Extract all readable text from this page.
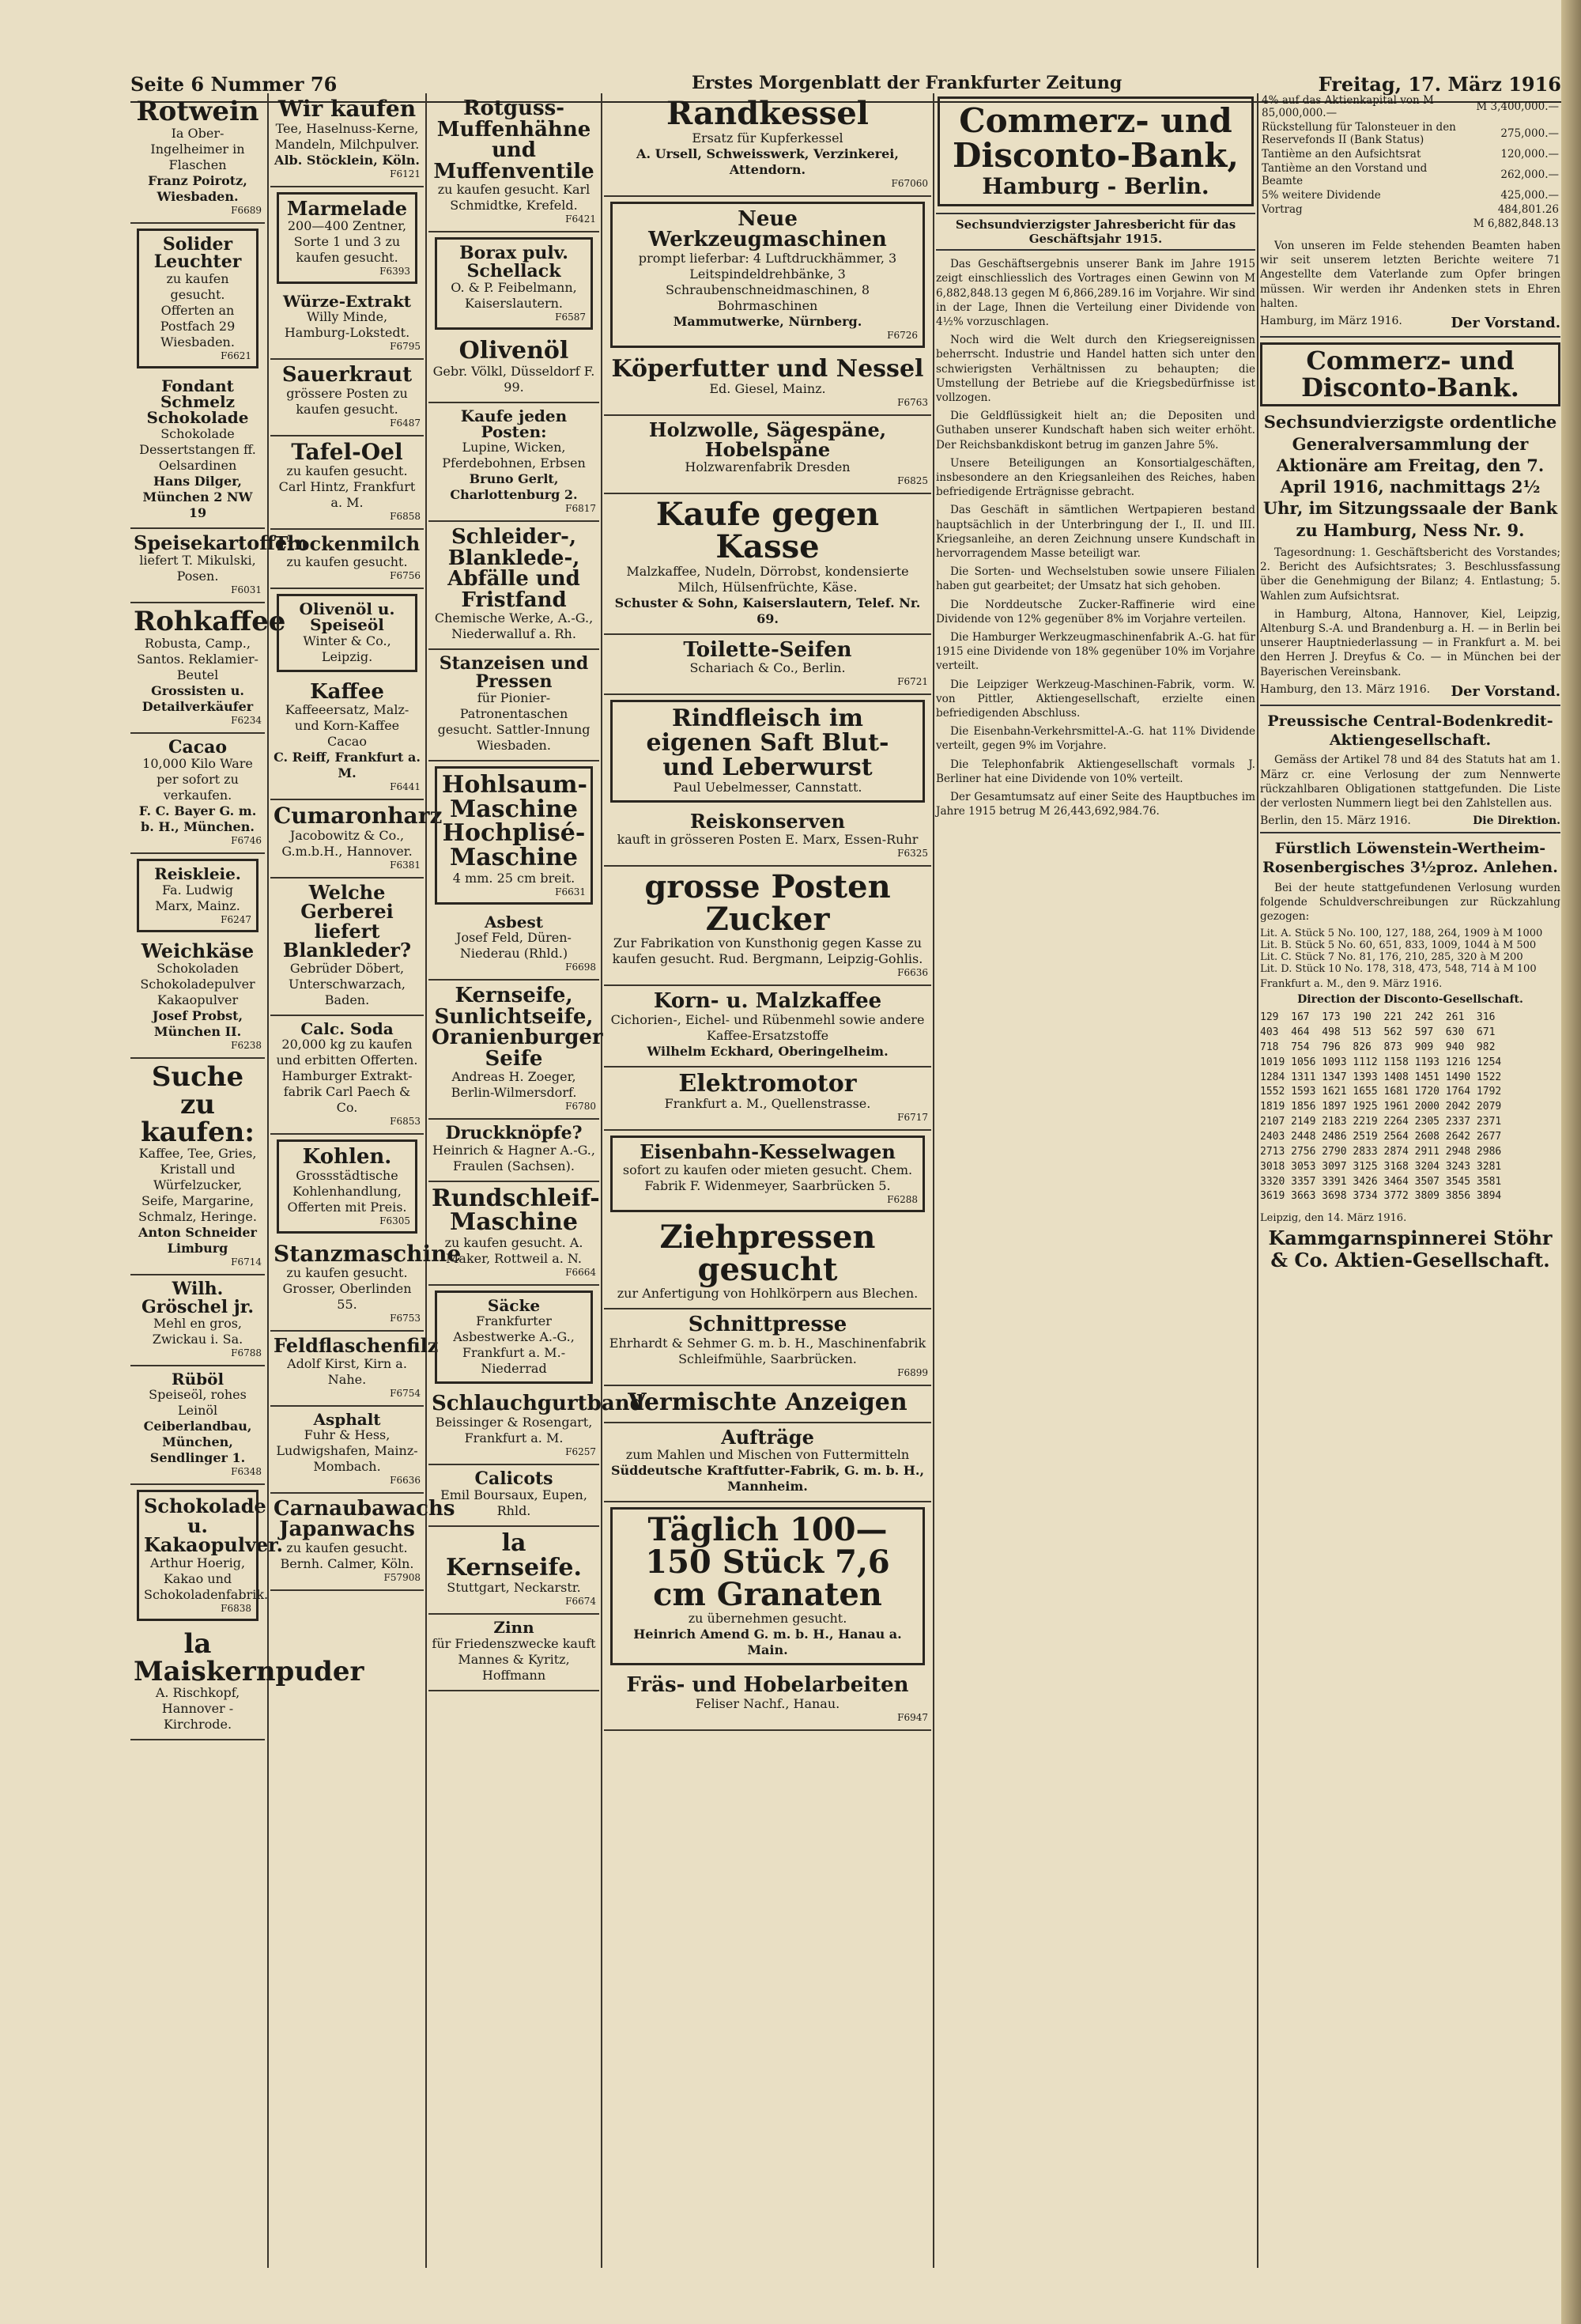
Seite 6 Nummer 76	Erstes Morgenblatt der Frankfurter Zeitung	Freitag, 17. März 1916
Rotwein
Ia Ober-Ingelheimer in Flaschen
Franz Poirotz, Wiesbaden.
F6689
Solider Leuchter
zu kaufen gesucht. Offerten an Postfach 29 Wiesbaden.
F6621
Fondant Schmelz Schokolade
Schokolade Dessertstangen ff. Oelsardinen
Hans Dilger, München 2 NW 19
Speisekartoffeln
liefert T. Mikulski, Posen.
F6031
Rohkaffee
Robusta, Camp., Santos. Reklamier-Beutel
Grossisten u. Detailverkäufer
F6234
Cacao
10,000 Kilo Ware per sofort zu verkaufen.
F. C. Bayer G. m. b. H., München.
F6746
Reiskleie.
Fa. Ludwig Marx, Mainz.
F6247
Weichkäse
Schokoladen Schokoladepulver Kakaopulver
Josef Probst, München II.
F6238
Suche zu kaufen:
Kaffee, Tee, Gries, Kristall und Würfelzucker, Seife, Margarine, Schmalz, Heringe.
Anton Schneider Limburg
F6714
Wilh. Gröschel jr.
Mehl en gros, Zwickau i. Sa.
F6788
Rüböl
Speiseöl, rohes Leinöl
Ceiberlandbau, München, Sendlinger 1.
F6348
Schokolade u. Kakaopulver.
Arthur Hoerig, Kakao und Schokoladenfabrik.
F6838
la Maiskernpuder
A. Rischkopf, Hannover - Kirchrode.
Wir kaufen
Tee, Haselnuss-Kerne, Mandeln, Milchpulver.
Alb. Stöcklein, Köln.
F6121
Marmelade
200—400 Zentner, Sorte 1 und 3 zu kaufen gesucht.
F6393
Würze-Extrakt
Willy Minde, Hamburg-Lokstedt.
F6795
Sauerkraut
grössere Posten zu kaufen gesucht.
F6487
Tafel-Oel
zu kaufen gesucht. Carl Hintz, Frankfurt a. M.
F6858
Trockenmilch
zu kaufen gesucht.
F6756
Olivenöl u. Speiseöl
Winter & Co., Leipzig.
Kaffee
Kaffeeersatz, Malz- und Korn-Kaffee Cacao
C. Reiff, Frankfurt a. M.
F6441
Cumaronharz
Jacobowitz & Co., G.m.b.H., Hannover.
F6381
Welche Gerberei liefert Blankleder?
Gebrüder Döbert, Unterschwarzach, Baden.
Calc. Soda
20,000 kg zu kaufen und erbitten Offerten. Hamburger Extrakt-fabrik Carl Paech & Co.
F6853
Kohlen.
Grossstädtische Kohlenhandlung, Offerten mit Preis.
F6305
Stanzmaschine
zu kaufen gesucht. Grosser, Oberlinden 55.
F6753
Feldflaschenfilz
Adolf Kirst, Kirn a. Nahe.
F6754
Asphalt
Fuhr & Hess, Ludwigshafen, Mainz-Mombach.
F6636
Carnaubawachs Japanwachs
zu kaufen gesucht. Bernh. Calmer, Köln.
F57908
Rotguss-Muffenhähne und Muffenventile
zu kaufen gesucht. Karl Schmidtke, Krefeld.
F6421
Borax pulv. Schellack
O. & P. Feibelmann, Kaiserslautern.
F6587
Olivenöl
Gebr. Völkl, Düsseldorf F. 99.
Kaufe jeden Posten:
Lupine, Wicken, Pferdebohnen, Erbsen
Bruno Gerlt, Charlottenburg 2.
F6817
Schleider-, Blanklede-, Abfälle und Fristfand
Chemische Werke, A.-G., Niederwalluf a. Rh.
Stanzeisen und Pressen
für Pionier-Patronentaschen gesucht. Sattler-Innung Wiesbaden.
Hohlsaum-Maschine Hochplisé-Maschine
4 mm. 25 cm breit.
F6631
Asbest
Josef Feld, Düren-Niederau (Rhld.)
F6698
Kernseife, Sunlichtseife, Oranienburger Seife
Andreas H. Zoeger, Berlin-Wilmersdorf.
F6780
Druckknöpfe?
Heinrich & Hagner A.-G., Fraulen (Sachsen).
Rundschleif-Maschine
zu kaufen gesucht. A. Maker, Rottweil a. N.
F6664
Säcke
Frankfurter Asbestwerke A.-G., Frankfurt a. M.-Niederrad
Schlauchgurtband
Beissinger & Rosengart, Frankfurt a. M.
F6257
Calicots
Emil Boursaux, Eupen, Rhld.
la Kernseife.
Stuttgart, Neckarstr.
F6674
Zinn
für Friedenszwecke kauft Mannes & Kyritz, Hoffmann
Randkessel
Ersatz für Kupferkessel
A. Ursell, Schweisswerk, Verzinkerei, Attendorn.
F67060
Neue Werkzeugmaschinen
prompt lieferbar: 4 Luftdruckhämmer, 3 Leitspindeldrehbänke, 3 Schraubenschneidmaschinen, 8 Bohrmaschinen
Mammutwerke, Nürnberg.
F6726
Köperfutter und Nessel
Ed. Giesel, Mainz.
F6763
Holzwolle, Sägespäne, Hobelspäne
Holzwarenfabrik Dresden
F6825
Kaufe gegen Kasse
Malzkaffee, Nudeln, Dörrobst, kondensierte Milch, Hülsenfrüchte, Käse.
Schuster & Sohn, Kaiserslautern, Telef. Nr. 69.
Toilette-Seifen
Schariach & Co., Berlin.
F6721
Rindfleisch im eigenen Saft Blut- und Leberwurst
Paul Uebelmesser, Cannstatt.
Reiskonserven
kauft in grösseren Posten E. Marx, Essen-Ruhr
F6325
grosse Posten Zucker
Zur Fabrikation von Kunsthonig gegen Kasse zu kaufen gesucht. Rud. Bergmann, Leipzig-Gohlis.
F6636
Korn- u. Malzkaffee
Cichorien-, Eichel- und Rübenmehl sowie andere Kaffee-Ersatzstoffe
Wilhelm Eckhard, Oberingelheim.
Elektromotor
Frankfurt a. M., Quellenstrasse.
F6717
Eisenbahn-Kesselwagen
sofort zu kaufen oder mieten gesucht. Chem. Fabrik F. Widenmeyer, Saarbrücken 5.
F6288
Ziehpressen gesucht
zur Anfertigung von Hohlkörpern aus Blechen.
Schnittpresse
Ehrhardt & Sehmer G. m. b. H., Maschinenfabrik Schleifmühle, Saarbrücken.
F6899
Vermischte Anzeigen
Aufträge
zum Mahlen und Mischen von Futtermitteln
Süddeutsche Kraftfutter-Fabrik, G. m. b. H., Mannheim.
Täglich 100—150 Stück 7,6 cm Granaten
zu übernehmen gesucht.
Heinrich Amend G. m. b. H., Hanau a. Main.
Fräs- und Hobelarbeiten
Feliser Nachf., Hanau.
F6947
Commerz- und Disconto-Bank,
Hamburg - Berlin.
Sechsundvierzigster Jahresbericht für das Geschäftsjahr 1915.

Das Geschäftsergebnis unserer Bank im Jahre 1915 zeigt einschliesslich des Vortrages einen Gewinn von M 6,882,848.13 gegen M 6,866,289.16 im Vorjahre. Wir sind in der Lage, Ihnen die Verteilung einer Dividende von 4½% vorzuschlagen.

Noch wird die Welt durch den Kriegsereignissen beherrscht. Industrie und Handel hatten sich unter den schwierigsten Verhältnissen zu behaupten; die Umstellung der Betriebe auf die Kriegsbedürfnisse ist vollzogen.

Die Geldflüssigkeit hielt an; die Depositen und Guthaben unserer Kundschaft haben sich weiter erhöht. Der Reichsbankdiskont betrug im ganzen Jahre 5%.

Unsere Beteiligungen an Konsortialgeschäften, insbesondere an den Kriegsanleihen des Reiches, haben befriedigende Erträgnisse gebracht.

Das Geschäft in sämtlichen Wertpapieren bestand hauptsächlich in der Unterbringung der I., II. und III. Kriegsanleihe, an deren Zeichnung unsere Kundschaft in hervorragendem Masse beteiligt war.

Die Sorten- und Wechselstuben sowie unsere Filialen haben gut gearbeitet; der Umsatz hat sich gehoben.

Die Norddeutsche Zucker-Raffinerie wird eine Dividende von 12% gegenüber 8% im Vorjahre verteilen.

Die Hamburger Werkzeugmaschinenfabrik A.-G. hat für 1915 eine Dividende von 18% gegenüber 10% im Vorjahre verteilt.

Die Leipziger Werkzeug-Maschinen-Fabrik, vorm. W. von Pittler, Aktiengesellschaft, erzielte einen befriedigenden Abschluss.

Die Eisenbahn-Verkehrsmittel-A.-G. hat 11% Dividende verteilt, gegen 9% im Vorjahre.

Die Telephonfabrik Aktiengesellschaft vormals J. Berliner hat eine Dividende von 10% verteilt.

Der Gesamtumsatz auf einer Seite des Hauptbuches im Jahre 1915 betrug M 26,443,692,984.76.

4% auf das Aktienkapital von M 85,000,000.—	M 3,400,000.—
Rückstellung für Talonsteuer in den Reservefonds II (Bank Status)	275,000.—
Tantième an den Aufsichtsrat	120,000.—
Tantième an den Vorstand und Beamte	262,000.—
5% weitere Dividende	425,000.—
Vortrag	484,801.26
	M 6,882,848.13

Von unseren im Felde stehenden Beamten haben wir seit unserem letzten Berichte weitere 71 Angestellte dem Vaterlande zum Opfer bringen müssen. Wir werden ihr Andenken stets in Ehren halten.

Hamburg, im März 1916.	Der Vorstand.
Commerz- und Disconto-Bank.
Sechsundvierzigste ordentliche Generalversammlung der Aktionäre am Freitag, den 7. April 1916, nachmittags 2½ Uhr, im Sitzungssaale der Bank zu Hamburg, Ness Nr. 9.

Tagesordnung: 1. Geschäftsbericht des Vorstandes; 2. Bericht des Aufsichtsrates; 3. Beschlussfassung über die Genehmigung der Bilanz; 4. Entlastung; 5. Wahlen zum Aufsichtsrat.

in Hamburg, Altona, Hannover, Kiel, Leipzig, Altenburg S.-A. und Brandenburg a. H. — in Berlin bei unserer Hauptniederlassung — in Frankfurt a. M. bei den Herren J. Dreyfus & Co. — in München bei der Bayerischen Vereinsbank.

Hamburg, den 13. März 1916. Der Vorstand.
Preussische Central-Bodenkredit-Aktiengesellschaft.

Gemäss der Artikel 78 und 84 des Statuts hat am 1. März cr. eine Verlosung der zum Nennwerte rückzahlbaren Obligationen stattgefunden. Die Liste der verlosten Nummern liegt bei den Zahlstellen aus.

Berlin, den 15. März 1916.	Die Direktion.
Fürstlich Löwenstein-Wertheim-Rosenbergisches 3½proz. Anlehen.

Bei der heute stattgefundenen Verlosung wurden folgende Schuldverschreibungen zur Rückzahlung gezogen:

Lit. A. Stück 5 No. 100, 127, 188, 264, 1909 à M 1000
Lit. B. Stück 5 No. 60, 651, 833, 1009, 1044 à M 500
Lit. C. Stück 7 No. 81, 176, 210, 285, 320 à M 200
Lit. D. Stück 10 No. 178, 318, 473, 548, 714 à M 100
Frankfurt a. M., den 9. März 1916.
Direction der Disconto-Gesellschaft.
129  167  173  190  221  242  261  316
403  464  498  513  562  597  630  671
718  754  796  826  873  909  940  982
1019 1056 1093 1112 1158 1193 1216 1254
1284 1311 1347 1393 1408 1451 1490 1522
1552 1593 1621 1655 1681 1720 1764 1792
1819 1856 1897 1925 1961 2000 2042 2079
2107 2149 2183 2219 2264 2305 2337 2371
2403 2448 2486 2519 2564 2608 2642 2677
2713 2756 2790 2833 2874 2911 2948 2986
3018 3053 3097 3125 3168 3204 3243 3281
3320 3357 3391 3426 3464 3507 3545 3581
3619 3663 3698 3734 3772 3809 3856 3894
Leipzig, den 14. März 1916.
Kammgarnspinnerei Stöhr & Co. Aktien-Gesellschaft.
